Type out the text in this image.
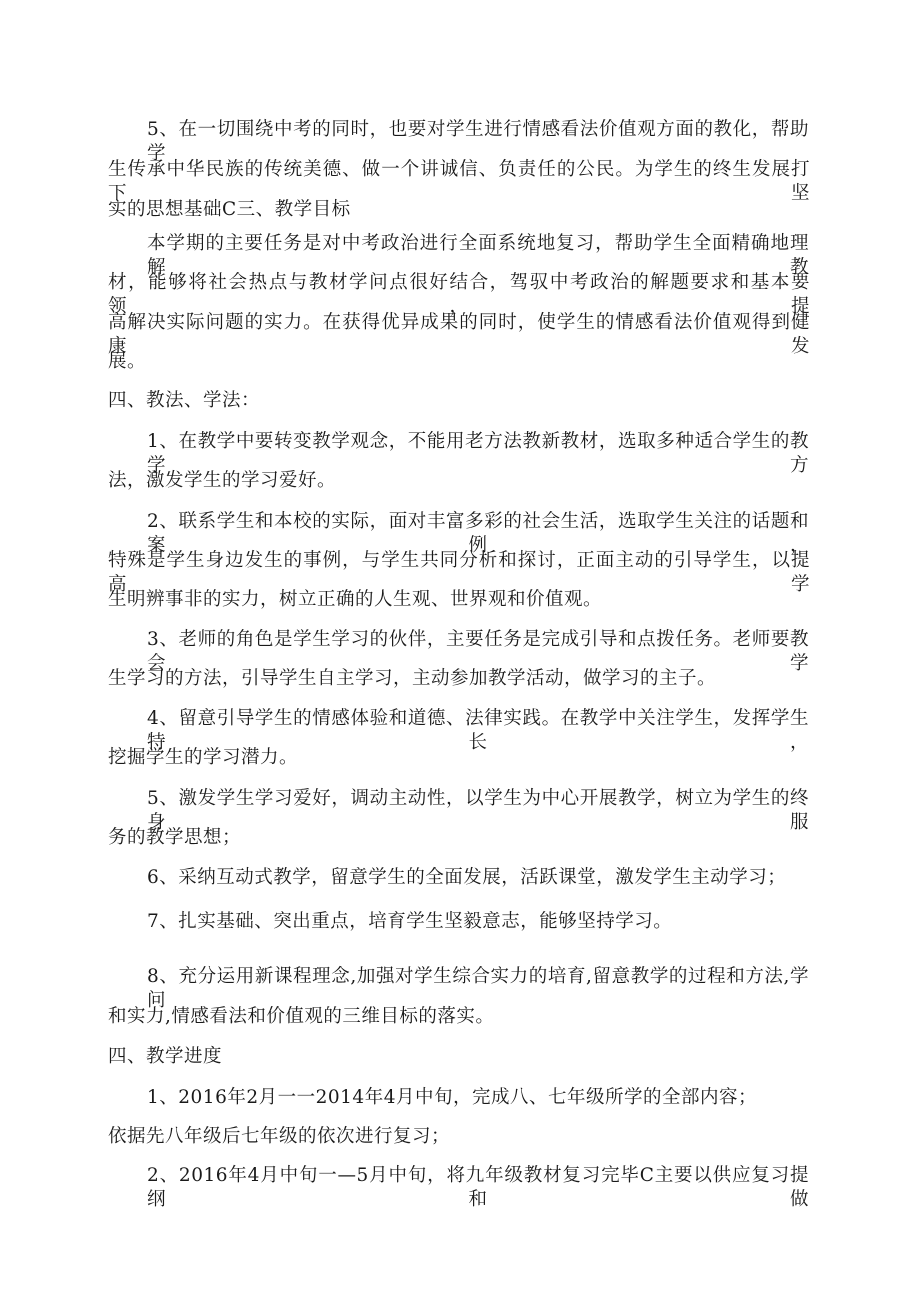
5、在一切围绕中考的同时，也要对学生进行情感看法价值观方面的教化，帮助学

生传承中华民族的传统美德、做一个讲诚信、负责任的公民。为学生的终生发展打下坚

实的思想基础C三、教学目标

本学期的主要任务是对中考政治进行全面系统地复习，帮助学生全面精确地理解教

材，能够将社会热点与教材学问点很好结合，驾驭中考政治的解题要求和基本要领，提

高解决实际问题的实力。在获得优异成果的同时，使学生的情感看法价值观得到健康发

展。

四、教法、学法：

1、在教学中要转变教学观念，不能用老方法教新教材，选取多种适合学生的教学方

法，激发学生的学习爱好。

2、联系学生和本校的实际，面对丰富多彩的社会生活，选取学生关注的话题和案例，

特殊是学生身边发生的事例，与学生共同分析和探讨，正面主动的引导学生，以提高学

生明辨事非的实力，树立正确的人生观、世界观和价值观。

3、老师的角色是学生学习的伙伴，主要任务是完成引导和点拨任务。老师要教会学

生学习的方法，引导学生自主学习，主动参加教学活动，做学习的主子。

4、留意引导学生的情感体验和道德、法律实践。在教学中关注学生，发挥学生特长，

挖掘学生的学习潜力。

5、激发学生学习爱好，调动主动性，以学生为中心开展教学，树立为学生的终身服

务的教学思想；

6、采纳互动式教学，留意学生的全面发展，活跃课堂，激发学生主动学习；

7、扎实基础、突出重点，培育学生坚毅意志，能够坚持学习。

8、充分运用新课程理念,加强对学生综合实力的培育,留意教学的过程和方法,学问

和实力,情感看法和价值观的三维目标的落实。

四、教学进度

1、2016年2月一一2014年4月中旬，完成八、七年级所学的全部内容；

依据先八年级后七年级的依次进行复习；

2、2016年4月中旬一—5月中旬，将九年级教材复习完毕C主要以供应复习提纲和做
